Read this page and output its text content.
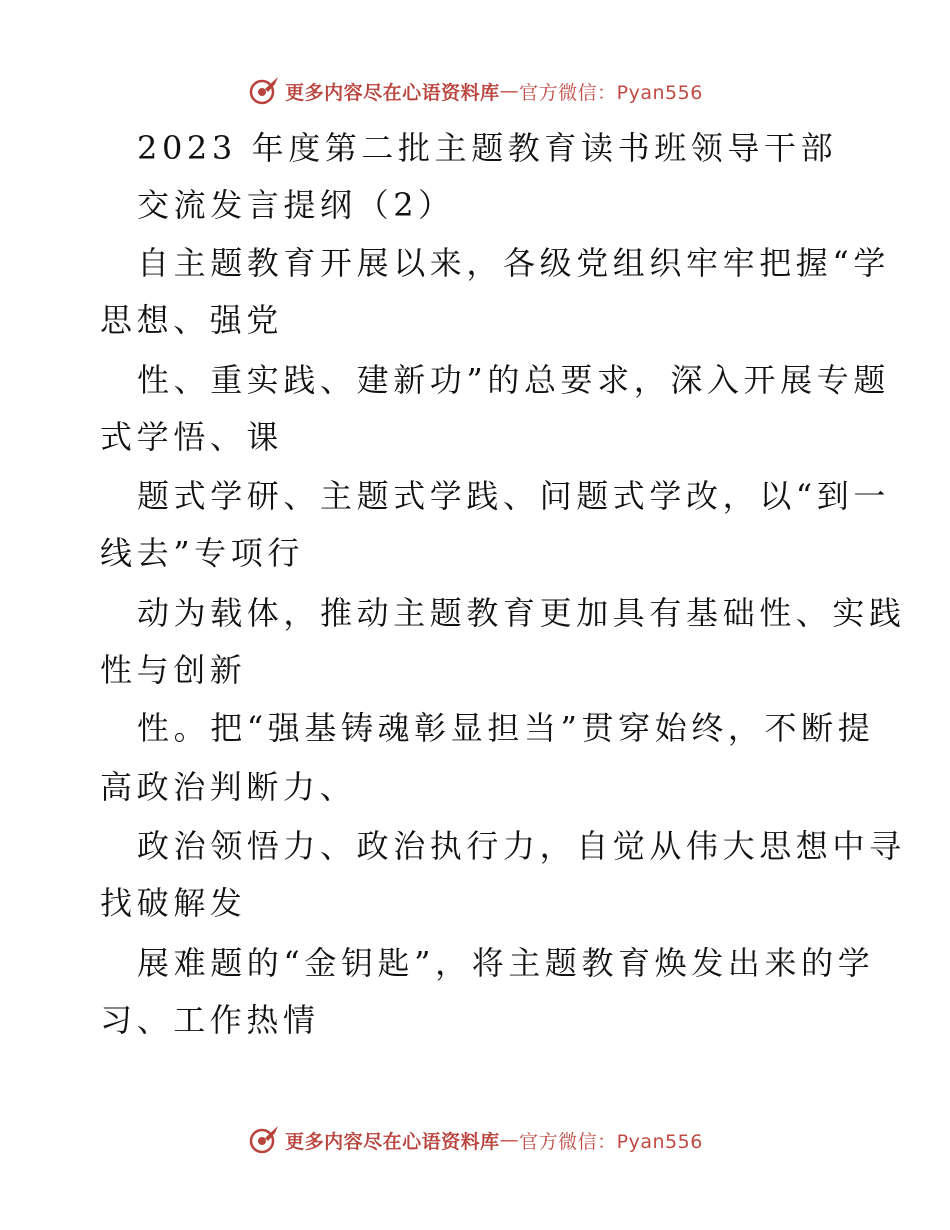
更多内容尽在心语资料库 — 官方微信：Pyan556
2023 年度第二批主题教育读书班领导干部
交流发言提纲（2）
自主题教育开展以来，各级党组织牢牢把握“学
思想、强党
性、重实践、建新功”的总要求，深入开展专题
式学悟、课
题式学研、主题式学践、问题式学改，以“到一
线去”专项行
动为载体，推动主题教育更加具有基础性、实践
性与创新
性。把“强基铸魂彰显担当”贯穿始终，不断提
高政治判断力、
政治领悟力、政治执行力，自觉从伟大思想中寻
找破解发
展难题的“金钥匙”，将主题教育焕发出来的学
习、工作热情
更多内容尽在心语资料库 — 官方微信：Pyan556
